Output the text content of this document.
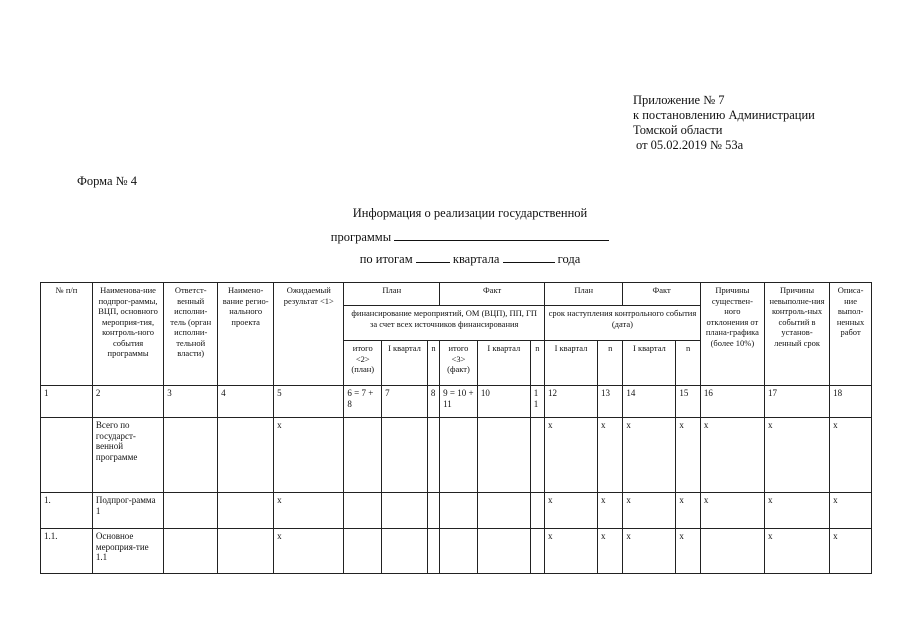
Приложение № 7
к постановлению Администрации
Томской области
от 05.02.2019 № 53а
Форма № 4
Информация о реализации государственной
программы
по итогам	квартала	года
№ п/п	Наименова-ние подпрог-раммы, ВЦП, основного мероприя-тия, контроль-ного события программы	Ответст-венный исполни-тель (орган исполни-тельной власти)	Наимено-вание регио-нального проекта	Ожидаемый результат <1>	План			Факт			План		Факт		Причины существен-ного отклонения от плана-графика (более 10%)	Причины невыполне-ния контроль-ных событий в установ-ленный срок	Описа-ние выпол-ненных работ
					финансирование мероприятий, ОМ (ВЦП), ПП, ГП за счет всех источников финансирования						срок наступления контрольного события (дата)						
					итого <2> (план)	I квартал	n	итого <3> (факт)	I квартал	n	I квартал	n	I квартал	n			
1	2	3	4	5	6 = 7 + 8	7	8	9 = 10 + 11	10	11	12	13	14	15	16	17	18
	Всего по государст-венной программе			x							x	x	x	x	x	x	x
1.	Подпрог-рамма 1			x							x	x	x	x	x	x	x
1.1.	Основное мероприя-тие 1.1			x							x	x	x	x		x	x
